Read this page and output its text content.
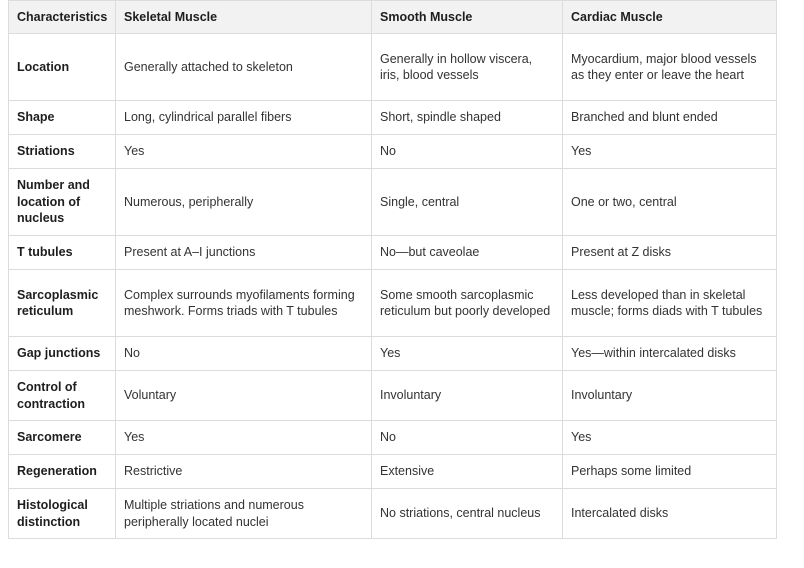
Characteristics	Skeletal Muscle	Smooth Muscle	Cardiac Muscle
Location	Generally attached to skeleton	Generally in hollow viscera, iris, blood vessels	Myocardium, major blood vessels as they enter or leave the heart
Shape	Long, cylindrical parallel fibers	Short, spindle shaped	Branched and blunt ended
Striations	Yes	No	Yes
Number and location of nucleus	Numerous, peripherally	Single, central	One or two, central
T tubules	Present at A–I junctions	No—but caveolae	Present at Z disks
Sarcoplasmic reticulum	Complex surrounds myofilaments forming meshwork. Forms triads with T tubules	Some smooth sarcoplasmic reticulum but poorly developed	Less developed than in skeletal muscle; forms diads with T tubules
Gap junctions	No	Yes	Yes—within intercalated disks
Control of contraction	Voluntary	Involuntary	Involuntary
Sarcomere	Yes	No	Yes
Regeneration	Restrictive	Extensive	Perhaps some limited
Histological distinction	Multiple striations and numerous peripherally located nuclei	No striations, central nucleus	Intercalated disks
